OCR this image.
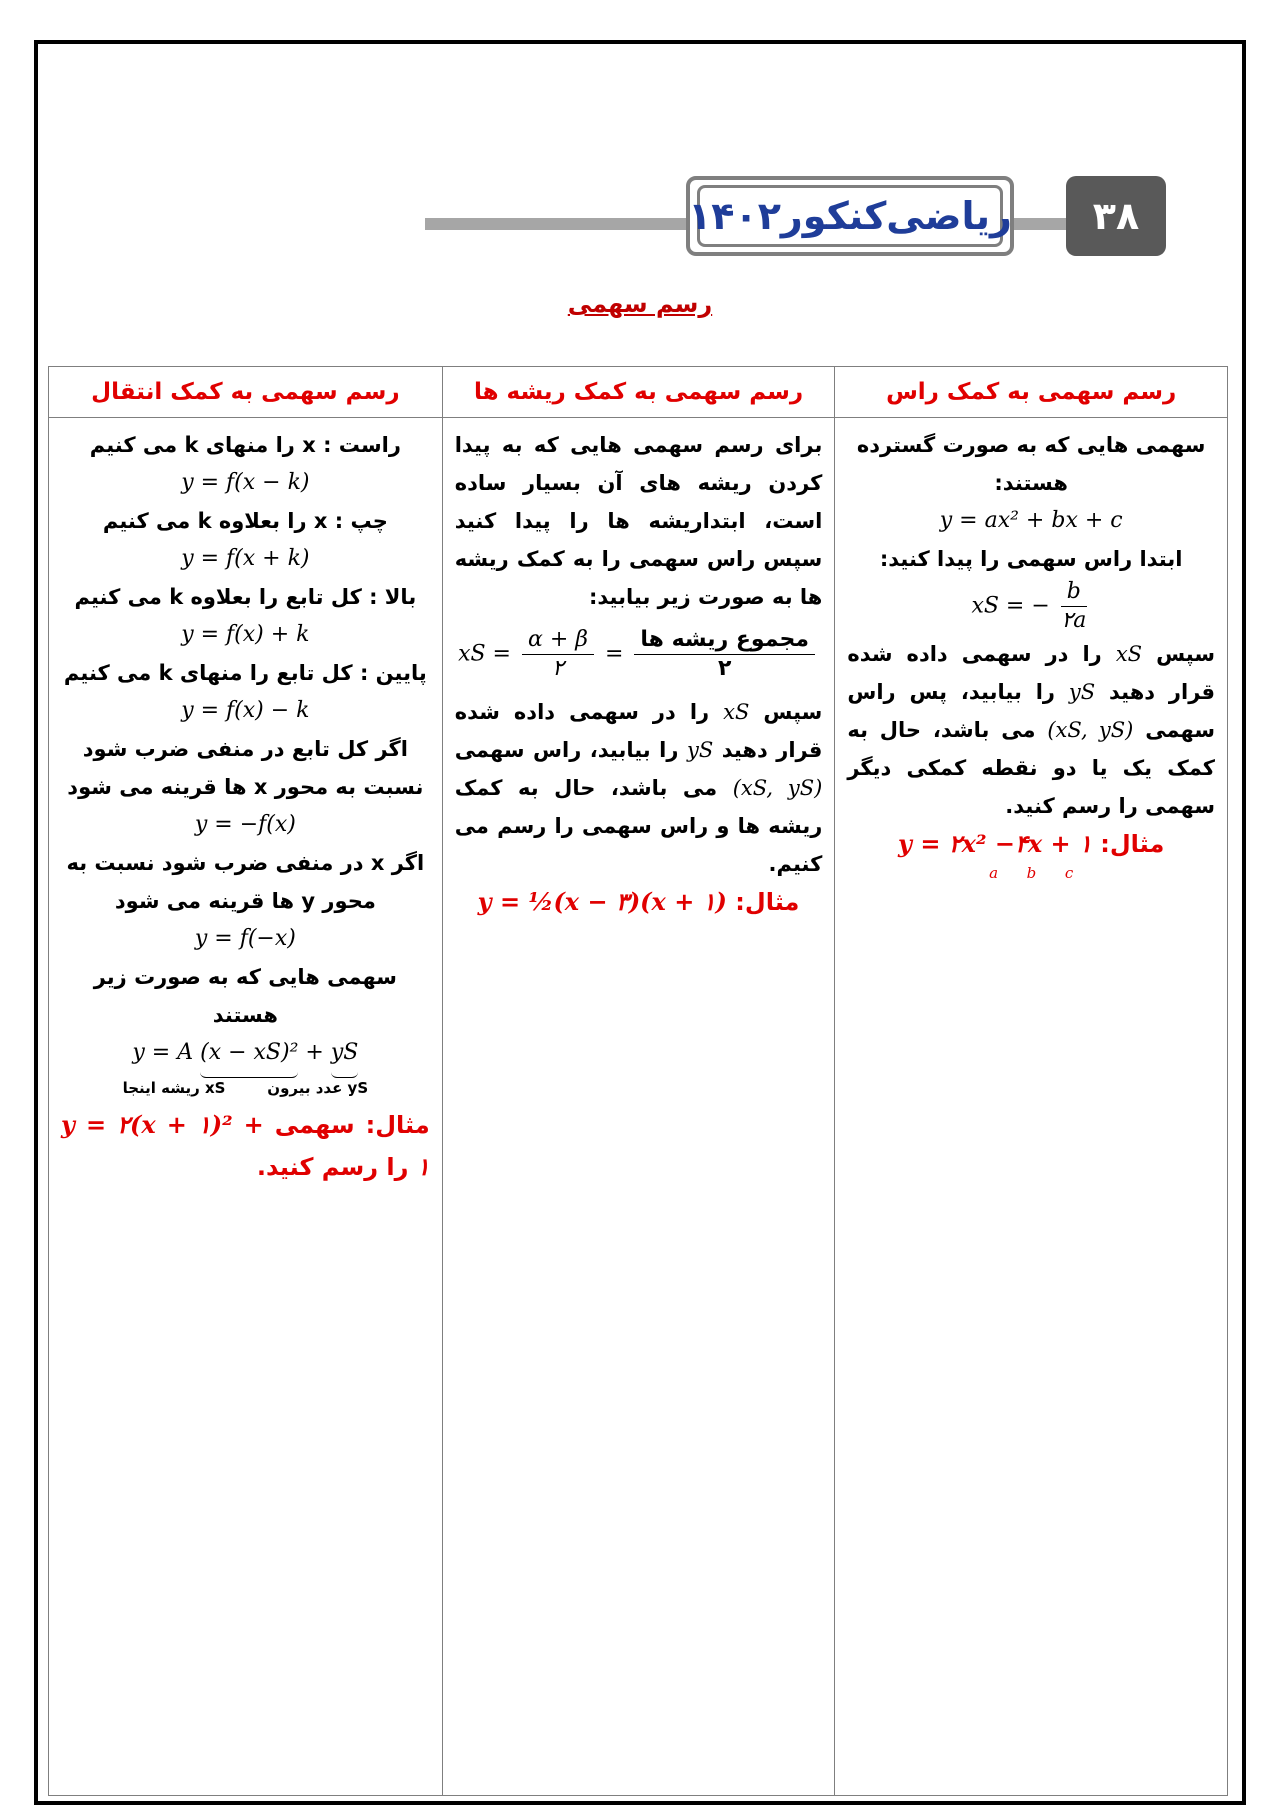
ریاضی‌کنکور۱۴۰۲	۳۸
رسم سهمی
رسم سهمی به کمک راس
سهمی هایی که به صورت گسترده هستند:
y = ax² + bx + c
ابتدا راس سهمی را پیدا کنید:
xS = − $\frac{b}{۲a}$
سپس xS را در سهمی داده شده قرار دهید yS را بیابید، پس راس سهمی (xS, yS) می باشد، حال به کمک یک یا دو نقطه کمکی دیگر سهمی را رسم کنید.
مثال: y = ۲x² −۴x + ۱
a b c
رسم سهمی به کمک ریشه ها
برای رسم سهمی هایی که به پیدا کردن ریشه های آن بسیار ساده است، ابتداریشه ها را پیدا کنید سپس راس سهمی را به کمک ریشه ها به صورت زیر بیابید:
xS = $\frac{\alpha + \beta}{۲} = \frac{\text{مجموع ریشه ها}}{۲}$
سپس xS را در سهمی داده شده قرار دهید yS را بیابید، راس سهمی (xS, yS) می باشد، حال به کمک ریشه ها و راس سهمی را رسم می کنیم.
مثال: y = ½(x − ۳)(x + ۱)
رسم سهمی به کمک انتقال
راست : x را منهای k می کنیم
y = f(x − k)
چپ : x را بعلاوه k می کنیم
y = f(x + k)
بالا : کل تابع را بعلاوه k می کنیم
y = f(x) + k
پایین : کل تابع را منهای k می کنیم
y = f(x) − k
اگر کل تابع در منفی ضرب شود نسبت به محور x ها قرینه می شود
y = −f(x)
اگر x در منفی ضرب شود نسبت به محور y ها قرینه می شود
y = f(−x)
سهمی هایی که به صورت زیر هستند
y = A (x − xS)² + yS
yS عدد بیرون        xS ریشه اینجا
مثال: سهمی y = ۲(x + ۱)² + ۱ را رسم کنید.
